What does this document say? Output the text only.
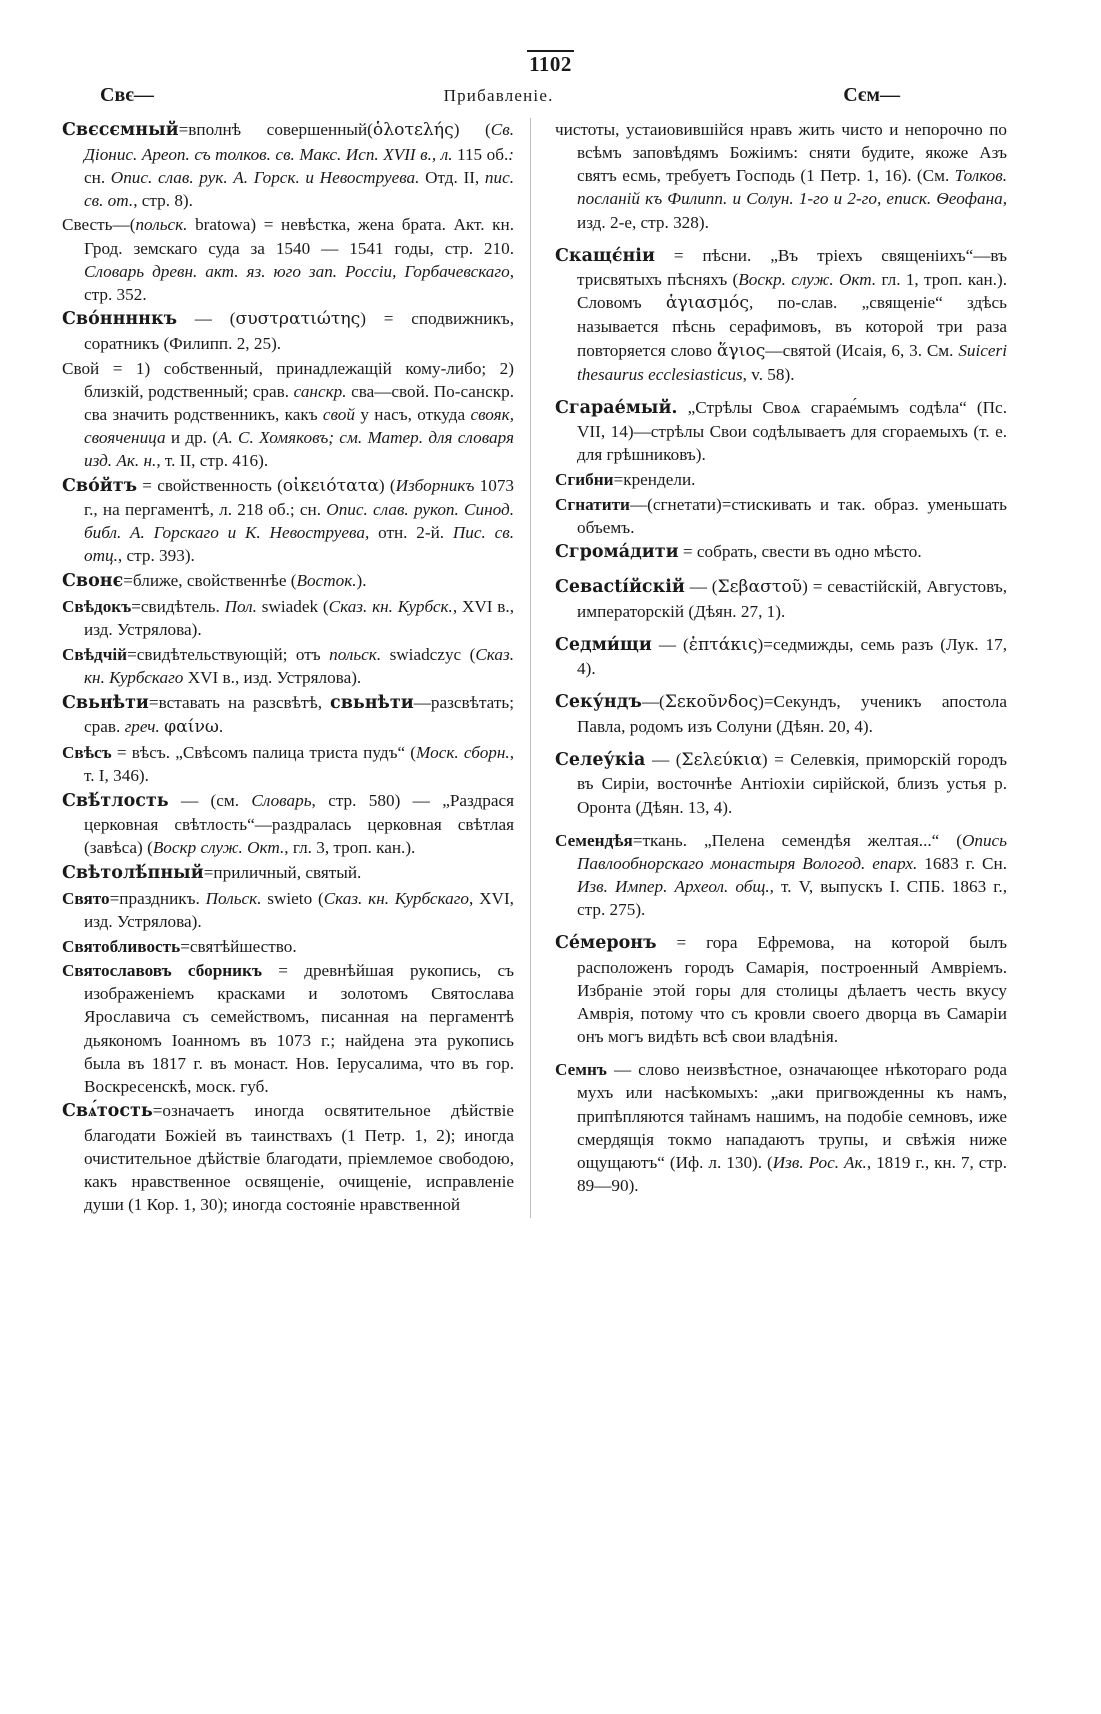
1102
Свє—	Прибавленiе.	Сєм—

Свєсємный=вполнѣ совершенный(ὁλοτελής) (Св. Дiонис. Ареоп. съ толков. св. Макс. Исп. XVII в., л. 115 об.: сн. Опис. слав. рук. А. Горск. и Невоструева. Отд. II, пис. св. от., стр. 8).

Свесть—(польск. bratowa) = невѣстка, жена брата. Акт. кн. Грод. земскаго суда за 1540 — 1541 годы, стр. 210. Словарь древн. акт. яз. юго зап. Россiи, Горбачевскаго, стр. 352.

Сво́ннннкъ — (συστρατιώτης) = сподвижникъ, соратникъ (Филипп. 2, 25).

Свой = 1) собственный, принадлежащiй кому-либо; 2) близкiй, родственный; срав. санскр. сва—свой. По-санскр. сва значить родственникъ, какъ свой у насъ, откуда свояк, свояченица и др. (А. С. Хомяковъ; см. Матер. для словаря изд. Ак. н., т. II, стр. 416).

Сво́йтъ = свойственность (οἰκειότατα) (Изборникъ 1073 г., на пергаментѣ, л. 218 об.; сн. Опис. слав. рукоп. Синод. библ. А. Горскаго и К. Невоструева, отн. 2-й. Пис. св. отц., стр. 393).

Свонє=ближе, свойственнѣе (Восток.).

Свѣдокъ=свидѣтель. Пол. swiadek (Сказ. кн. Курбск., XVI в., изд. Устрялова).

Свѣдчiй=свидѣтельствующiй; отъ польск. swiadczyc (Сказ. кн. Курбскаго XVI в., изд. Устрялова).

Свьнѣти=вставать на разсвѣтѣ, свьнѣти—разсвѣтать; срав. греч. φαίνω.

Свѣсъ = вѣсъ. „Свѣсомъ палица триста пудъ“ (Моск. сборн., т. I, 346).

Свѣ́тлость — (см. Словарь, стр. 580) — „Раздрася церковная свѣтлость“—раздралась церковная свѣтлая (завѣса) (Воскр служ. Окт., гл. 3, троп. кан.).

Свѣтолѣ́пный=приличный, святый.

Свято=праздникъ. Польск. swieto (Сказ. кн. Курбскаго, XVI, изд. Устрялова).

Святобливость=святѣйшество.

Святославовъ сборникъ = древнѣйшая рукопись, съ изображенiемъ красками и золотомъ Святослава Ярославича съ семействомъ, писанная на пергаментѣ дьякономъ Iоанномъ въ 1073 г.; найдена эта рукопись была въ 1817 г. въ монаст. Нов. Iерусалима, что въ гор. Воскресенскѣ, моск. губ.

Свѧ́тость=означаетъ иногда освятительное дѣйствiе благодати Божiей въ таинствахъ (1 Петр. 1, 2); иногда очистительное дѣйствiе благодати, прiемлемое свободою, какъ нравственное освященiе, очищенiе, исправленiе души (1 Кор. 1, 30); иногда состоянiе нравственной

чистоты, устаиовившiйся нравъ жить чисто и непорочно по всѣмъ заповѣдямъ Божiимъ: сняти будите, якоже Азъ святъ есмь, требуетъ Господь (1 Петр. 1, 16). (См. Толков. посланiй къ Филипп. и Солун. 1-го и 2-го, еписк. Ѳеофана, изд. 2-е, стр. 328).

Скащє́нiи = пѣсни. „Въ трiехъ священiихъ“—въ трисвятыхъ пѣсняхъ (Воскр. служ. Окт. гл. 1, троп. кан.). Словомъ ἁγιασμός, по-слав. „священiе“ здѣсь называется пѣснь серафимовъ, въ которой три раза повторяется слово ἅγιος—святой (Исаiя, 6, 3. См. Suiceri thesaurus ecclesiasticus, v. 58).

Сгарае́мый. „Стрѣлы Своѧ сгарае́мымъ содѣла“ (Пс. VII, 14)—стрѣлы Свои содѣлываетъ для сгораемыхъ (т. е. для грѣшниковъ).

Сгибни=крендели.

Сгнатити—(сгнетати)=стискивать и так. образ. уменьшать объемъ.

Сгрома́дити = собрать, свести въ одно мѣсто.

Севасtíйскiй — (Σεβαστοῦ) = севастiйскiй, Августовъ, императорскiй (Дѣян. 27, 1).

Седми́щи — (ἑπτάκις)=седмижды, семь разъ (Лук. 17, 4).

Секу́ндъ—(Σεκοῦνδος)=Секундъ, ученикъ апостола Павла, родомъ изъ Солуни (Дѣян. 20, 4).

Селеу́кiа — (Σελεύκια) = Селевкiя, приморскiй городъ въ Сирiи, восточнѣе Антiохiи сирiйской, близъ устья р. Оронта (Дѣян. 13, 4).

Семендѣя=ткань. „Пелена семендѣя желтая...“ (Опись Павлообнорскаго монастыря Вологод. епарх. 1683 г. Сн. Изв. Импер. Археол. общ., т. V, выпускъ I. СПБ. 1863 г., стр. 275).

Се́меронъ = гора Ефремова, на которой былъ расположенъ городъ Самарiя, построенный Амврiемъ. Избранiе этой горы для столицы дѣлаетъ честь вкусу Амврiя, потому что съ кровли своего дворца въ Самарiи онъ могъ видѣть всѣ свои владѣнiя.

Семнъ — слово неизвѣстное, означающее нѣкотораго рода мухъ или насѣкомыхъ: „аки пригвожденны къ намъ, припѣпляются тайнамъ нашимъ, на подобiе семновъ, иже смердящiя токмо нападаютъ трупы, и свѣжiя ниже ощущаютъ“ (Иф. л. 130). (Изв. Рос. Ак., 1819 г., кн. 7, стр. 89—90).
